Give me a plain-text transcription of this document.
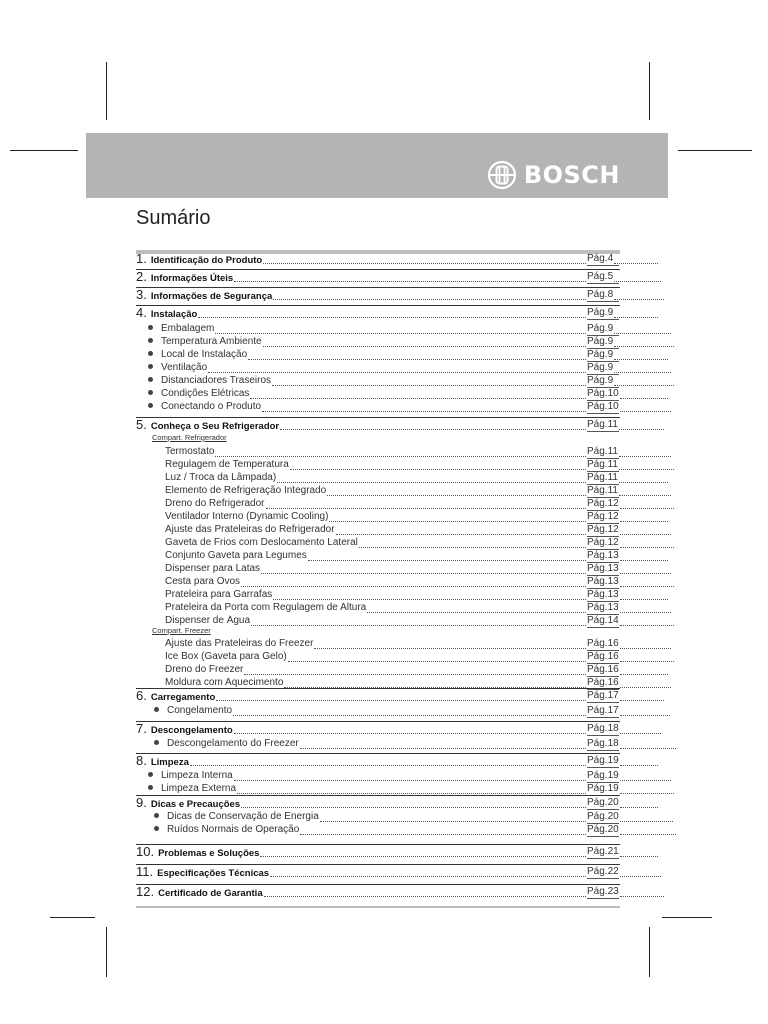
BOSCH
Sumário
1. Identificação do Produto	Pág.4
2. Informações Úteis	Pág.5
3. Informações de Segurança	Pág.8
4. Instalação	Pág.9
Embalagem	Pág.9
Temperatura Ambiente	Pág.9
Local de Instalação	Pág.9
Ventilação	Pág.9
Distanciadores Traseiros	Pág.9
Condições Elétricas	Pág.10
Conectando o Produto	Pág.10
5. Conheça o Seu Refrigerador	Pág.11
Compart. Refrigerador
Termostato	Pág.11
Regulagem de Temperatura	Pág.11
Luz / Troca da Lâmpada)	Pág.11
Elemento de Refrigeração Integrado	Pág.11
Dreno do Refrigerador	Pág.12
Ventilador Interno (Dynamic Cooling)	Pág.12
Ajuste das Prateleiras do Refrigerador	Pág.12
Gaveta de Frios com Deslocamento Lateral	Pág.12
Conjunto Gaveta para Legumes	Pág.13
Dispenser para Latas	Pág.13
Cesta para Ovos	Pág.13
Prateleira para Garrafas	Pág.13
Prateleira da Porta com Regulagem de Altura	Pág.13
Dispenser de Água	Pág.14
Compart. Freezer
Ajuste das Prateleiras do Freezer	Pág.16
Ice Box (Gaveta para Gelo)	Pág.16
Dreno do Freezer	Pág.16
Moldura com Aquecimento	Pág.16
6. Carregamento	Pág.17
Congelamento	Pág.17
7. Descongelamento	Pág.18
Descongelamento do Freezer	Pág.18
8. Limpeza	Pág.19
Limpeza Interna	Pág.19
Limpeza Externa	Pág.19
9. Dicas e Precauções	Pág.20
Dicas de Conservação de Energia	Pág.20
Ruídos Normais de Operação	Pág.20
10. Problemas e Soluções	Pág.21
11. Especificações Técnicas	Pág.22
12. Certificado de Garantia	Pág.23
